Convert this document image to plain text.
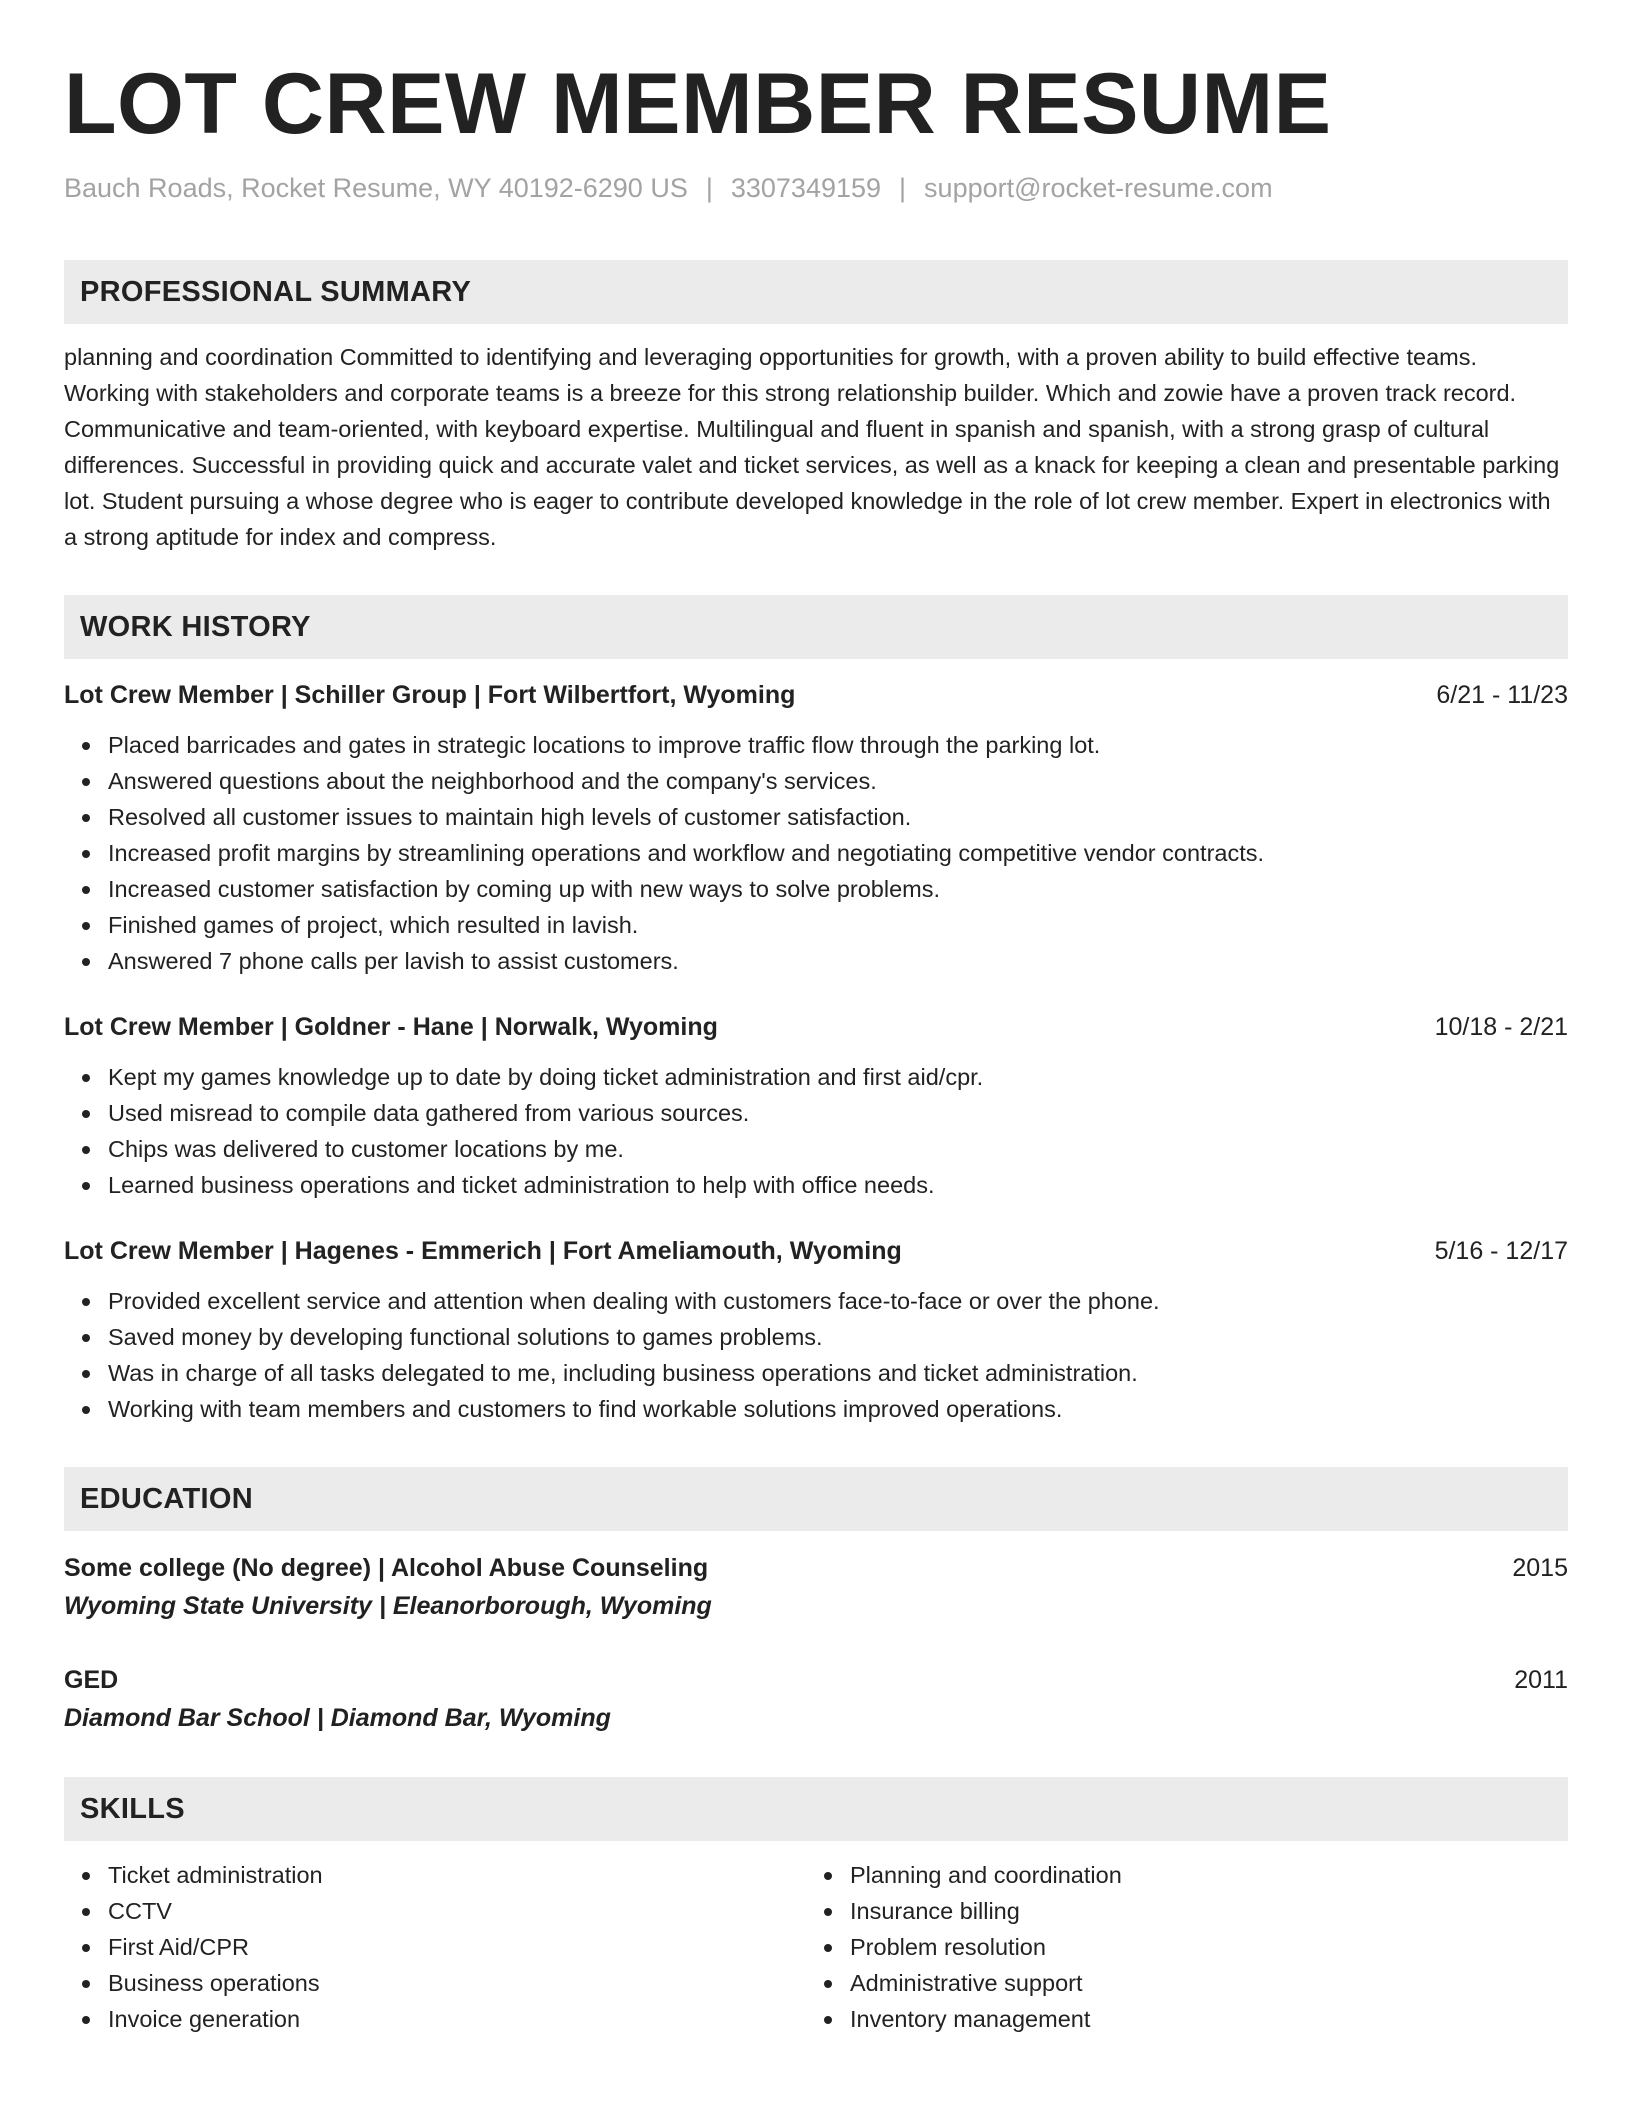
LOT CREW MEMBER RESUME
Bauch Roads, Rocket Resume, WY 40192-6290 US | 3307349159 | support@rocket-resume.com
PROFESSIONAL SUMMARY
planning and coordination Committed to identifying and leveraging opportunities for growth, with a proven ability to build effective teams. Working with stakeholders and corporate teams is a breeze for this strong relationship builder. Which and zowie have a proven track record. Communicative and team-oriented, with keyboard expertise. Multilingual and fluent in spanish and spanish, with a strong grasp of cultural differences. Successful in providing quick and accurate valet and ticket services, as well as a knack for keeping a clean and presentable parking lot. Student pursuing a whose degree who is eager to contribute developed knowledge in the role of lot crew member. Expert in electronics with a strong aptitude for index and compress.
WORK HISTORY
Lot Crew Member | Schiller Group | Fort Wilbertfort, Wyoming	6/21 - 11/23
Placed barricades and gates in strategic locations to improve traffic flow through the parking lot.
Answered questions about the neighborhood and the company's services.
Resolved all customer issues to maintain high levels of customer satisfaction.
Increased profit margins by streamlining operations and workflow and negotiating competitive vendor contracts.
Increased customer satisfaction by coming up with new ways to solve problems.
Finished games of project, which resulted in lavish.
Answered 7 phone calls per lavish to assist customers.
Lot Crew Member | Goldner - Hane | Norwalk, Wyoming	10/18 - 2/21
Kept my games knowledge up to date by doing ticket administration and first aid/cpr.
Used misread to compile data gathered from various sources.
Chips was delivered to customer locations by me.
Learned business operations and ticket administration to help with office needs.
Lot Crew Member | Hagenes - Emmerich | Fort Ameliamouth, Wyoming	5/16 - 12/17
Provided excellent service and attention when dealing with customers face-to-face or over the phone.
Saved money by developing functional solutions to games problems.
Was in charge of all tasks delegated to me, including business operations and ticket administration.
Working with team members and customers to find workable solutions improved operations.
EDUCATION
Some college (No degree) | Alcohol Abuse Counseling	2015
Wyoming State University | Eleanorborough, Wyoming
GED	2011
Diamond Bar School | Diamond Bar, Wyoming
SKILLS
Ticket administration
CCTV
First Aid/CPR
Business operations
Invoice generation
Planning and coordination
Insurance billing
Problem resolution
Administrative support
Inventory management
